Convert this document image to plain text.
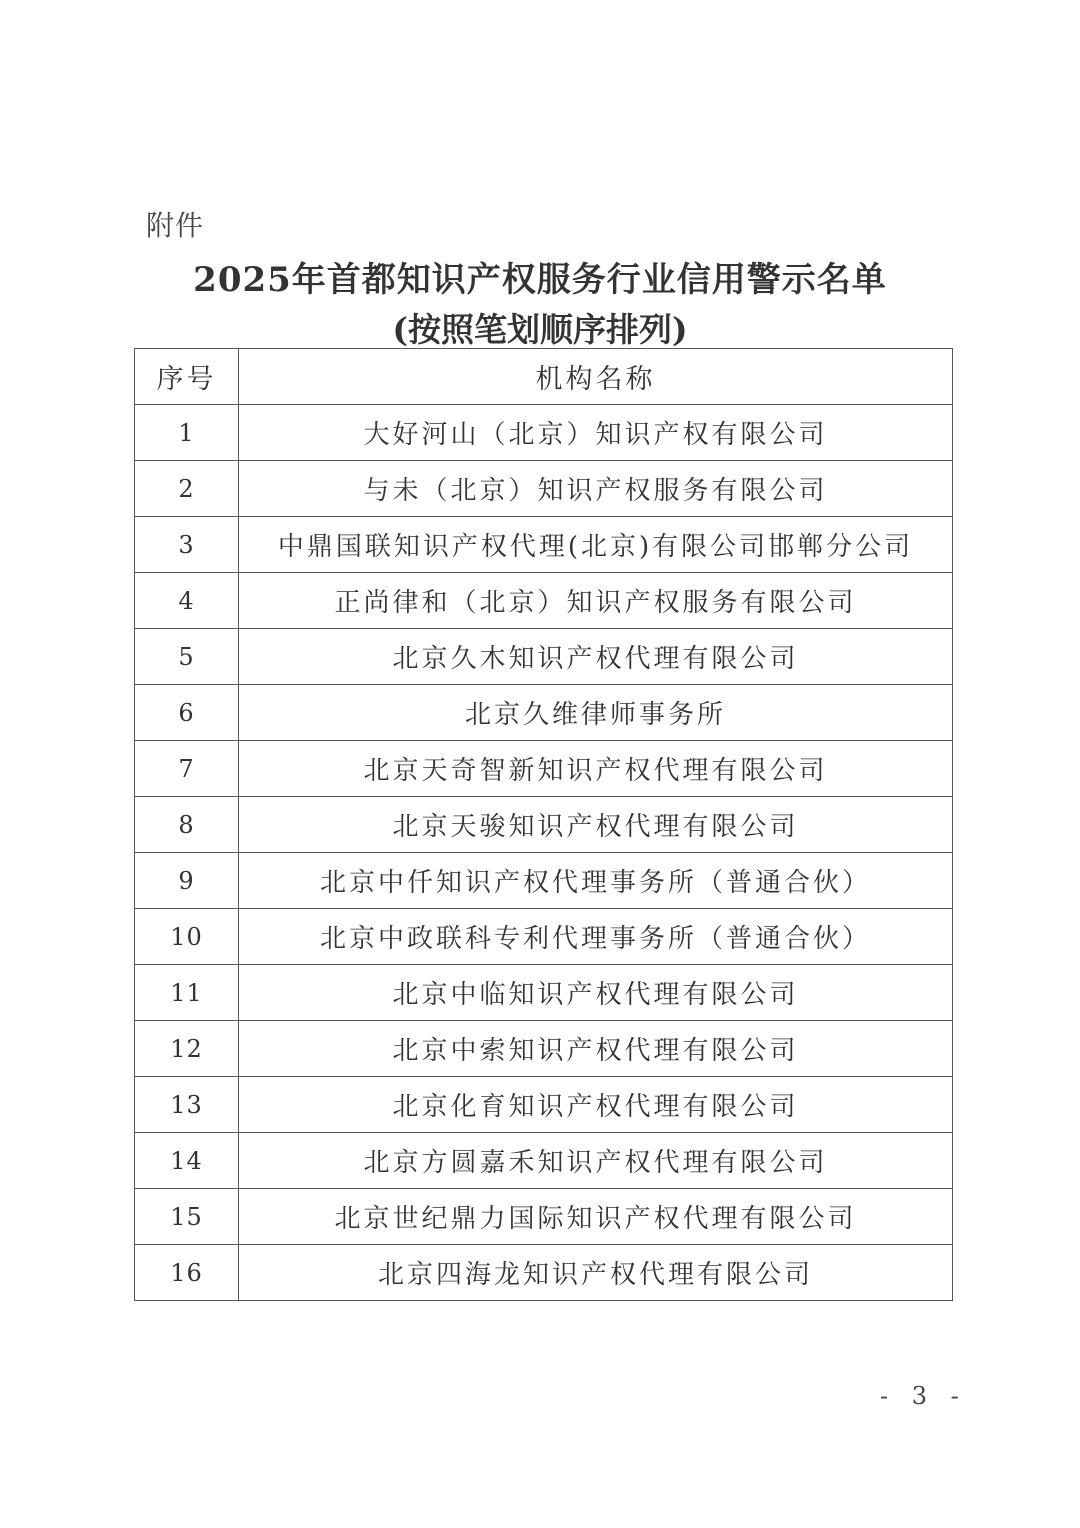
附件
2025年首都知识产权服务行业信用警示名单
(按照笔划顺序排列)
序号	机构名称
1	大好河山（北京）知识产权有限公司
2	与未（北京）知识产权服务有限公司
3	中鼎国联知识产权代理(北京)有限公司邯郸分公司
4	正尚律和（北京）知识产权服务有限公司
5	北京久木知识产权代理有限公司
6	北京久维律师事务所
7	北京天奇智新知识产权代理有限公司
8	北京天骏知识产权代理有限公司
9	北京中仟知识产权代理事务所（普通合伙）
10	北京中政联科专利代理事务所（普通合伙）
11	北京中临知识产权代理有限公司
12	北京中索知识产权代理有限公司
13	北京化育知识产权代理有限公司
14	北京方圆嘉禾知识产权代理有限公司
15	北京世纪鼎力国际知识产权代理有限公司
16	北京四海龙知识产权代理有限公司
- 3 -
